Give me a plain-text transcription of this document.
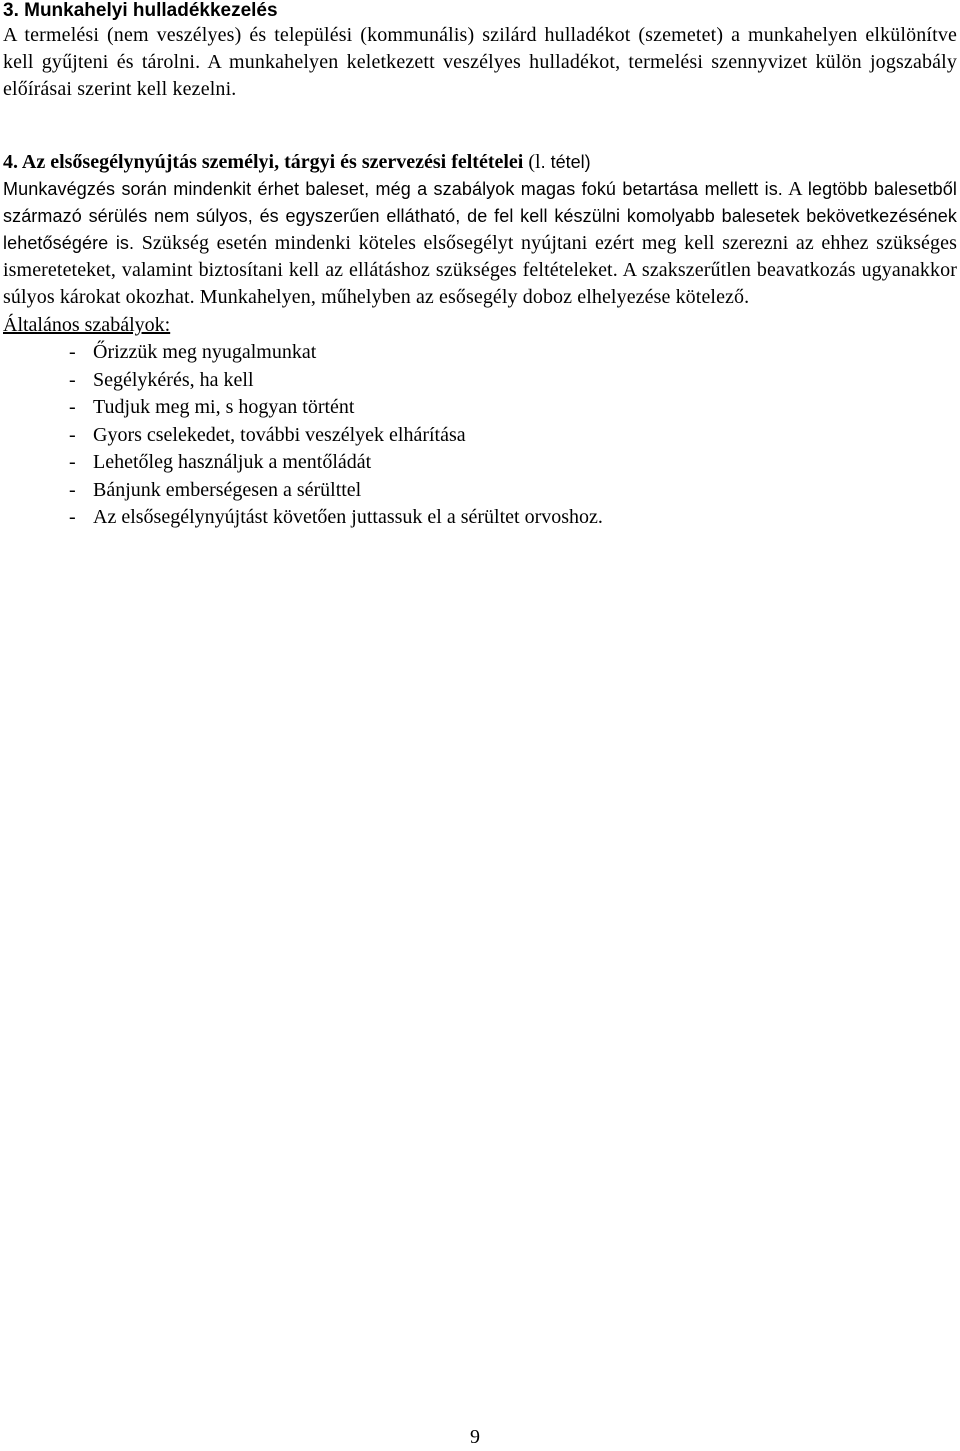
3. Munkahelyi hulladékkezelés

A termelési (nem veszélyes) és települési (kommunális) szilárd hulladékot (szemetet) a munkahelyen elkülönítve kell gyűjteni és tárolni. A munkahelyen keletkezett veszélyes hulladékot, termelési szennyvizet külön jogszabály előírásai szerint kell kezelni.

4. Az elsősegélynyújtás személyi, tárgyi és szervezési feltételei (l. tétel)

Munkavégzés során mindenkit érhet baleset, még a szabályok magas fokú betartása mellett is. A legtöbb balesetből származó sérülés nem súlyos, és egyszerűen ellátható, de fel kell készülni komolyabb balesetek bekövetkezésének lehetőségére is. Szükség esetén mindenki köteles elsősegélyt nyújtani ezért meg kell szerezni az ehhez szükséges ismereteteket, valamint biztosítani kell az ellátáshoz szükséges feltételeket. A szakszerűtlen beavatkozás ugyanakkor súlyos károkat okozhat. Munkahelyen, műhelyben az esősegély doboz elhelyezése kötelező.

Általános szabályok:

- Őrizzük meg nyugalmunkat
- Segélykérés, ha kell
- Tudjuk meg mi, s hogyan történt
- Gyors cselekedet, további veszélyek elhárítása
- Lehetőleg használjuk a mentőládát
- Bánjunk emberségesen a sérülttel
- Az elsősegélynyújtást követően juttassuk el a sérültet orvoshoz.
9
